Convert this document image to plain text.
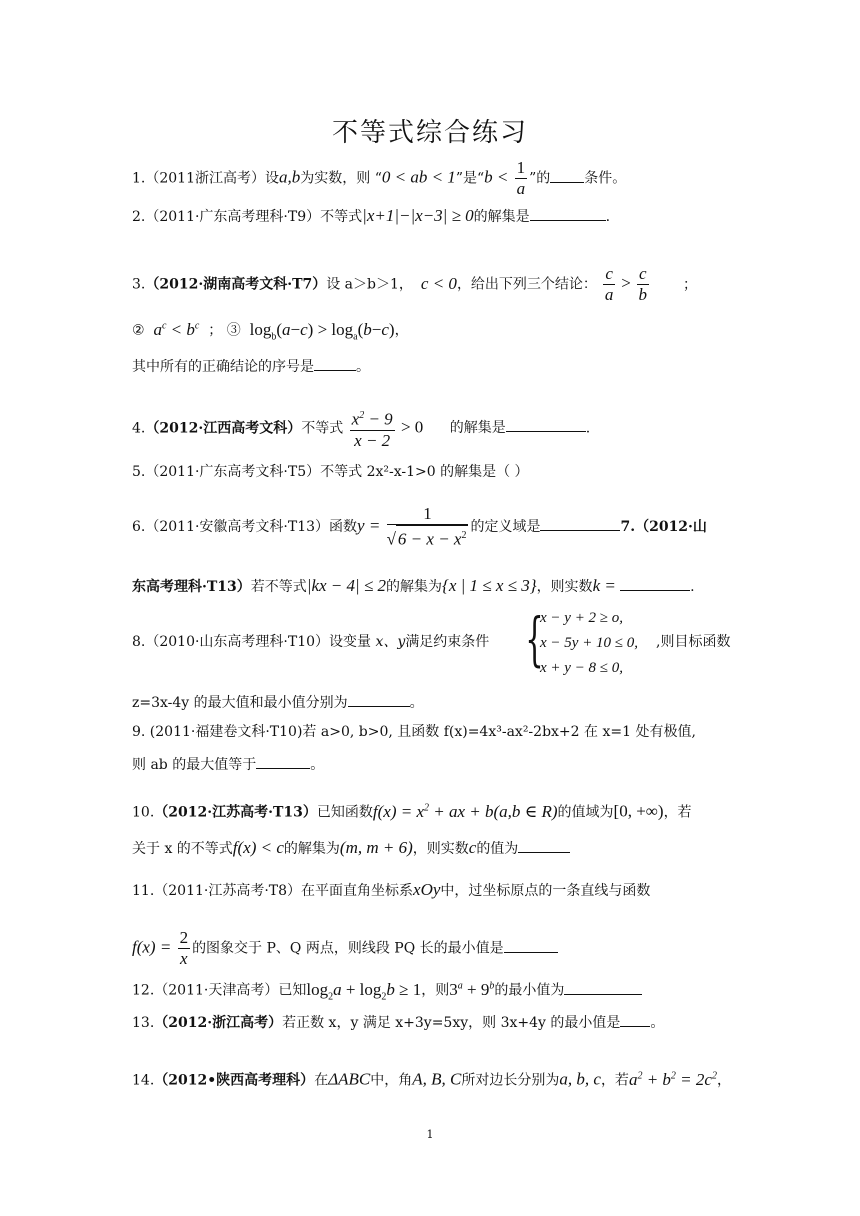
不等式综合练习
1.（2011浙江高考）设a,b为实数，则 “0 < ab < 1”是“$b < \frac{1}{a}$ ”的 条件。
2.（2011·广东高考理科·T9）不等式|x+1|−|x−3| ≥ 0的解集是	.
3.（2012·湖南高考文科·T7）设 a＞b＞1， c < 0，给出下列三个结论： $\frac{c}{a} > \frac{c}{b}$ ；
② $a^c < b^c$ ； ③ $\log_b(a-c) > \log_a(b-c)$，
其中所有的正确结论的序号是	。
4.（2012·江西高考文科）不等式 $\frac{x^2 - 9}{x - 2} > 0$ 的解集是	.
5.（2011·广东高考文科·T5）不等式 2x²-x-1>0 的解集是（ ）
6.（2011·安徽高考文科·T13）函数$y = \frac{1}{√ 6 - x - x^2}$ 的定义域是	7.（2012·山
东高考理科·T13）若不等式|kx − 4| ≤ 2的解集为{x | 1 ≤ x ≤ 3}，则实数k =	.
8.（2010·山东高考理科·T10）设变量 x、y满足约束条件 {
x − y + 2 ≥ o,
x − 5y + 10 ≤ 0,
x + y − 8 ≤ 0,
,则目标函数
z=3x-4y 的最大值和最小值分别为	。
9. (2011·福建卷文科·T10)若 a>0, b>0, 且函数 f(x)=4x³-ax²-2bx+2 在 x=1 处有极值,
则 ab 的最大值等于	。
10.（2012·江苏高考·T13）已知函数$f(x) = x^2$ + ax + b(a,b ∈ R)的值域为[0, +∞)，若
关于 x 的不等式f(x) < c的解集为(m, m + 6)，则实数c的值为
11.（2011·江苏高考·T8）在平面直角坐标系xOy中，过坐标原点的一条直线与函数
$f(x) = \frac{2}{x}$ 的图象交于 P、Q 两点，则线段 PQ 长的最小值是
12.（2011·天津高考）已知$\log_2a + \log_2b \ge 1$，则$3^a + 9^b$的最小值为
13.（2012·浙江高考）若正数 x，y 满足 x+3y=5xy，则 3x+4y 的最小值是 。
14.（2012•陕西高考理科）在ΔABC中，角A, B, C所对边长分别为a, b, c，若$a^2 + b^2 = 2c^2$，
1
